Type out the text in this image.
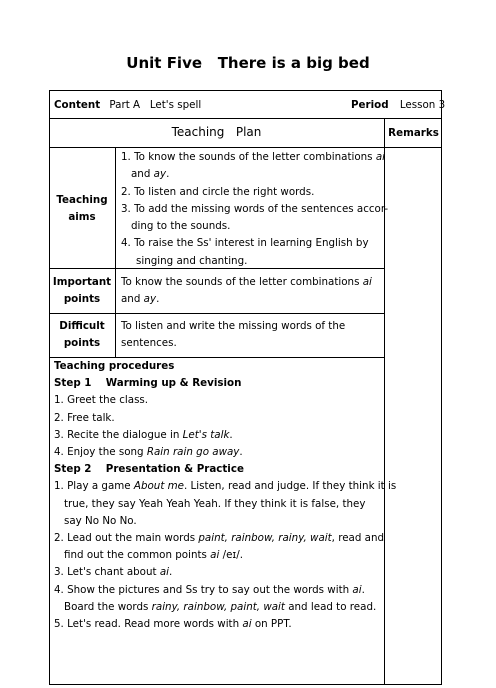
Unit Five   There is a big bed
Content Part A   Let's spell	Period Lesson 3
Teaching   Plan	Remarks
Teaching
aims
1. To know the sounds of the letter combinations ai
and ay.
2. To listen and circle the right words.
3. To add the missing words of the sentences accor-
ding to the sounds.
4. To raise the Ss' interest in learning English by
singing and chanting.
Important
points
To know the sounds of the letter combinations ai
and ay.
Difficult
points
To listen and write the missing words of the
sentences.
Teaching procedures
Step 1    Warming up & Revision
1. Greet the class.
2. Free talk.
3. Recite the dialogue in Let's talk.
4. Enjoy the song Rain rain go away.
Step 2    Presentation & Practice
1. Play a game About me. Listen, read and judge. If they think it is
true, they say Yeah Yeah Yeah. If they think it is false, they
say No No No.
2. Lead out the main words paint, rainbow, rainy, wait, read and
find out the common points ai /eɪ/.
3. Let's chant about ai.
4. Show the pictures and Ss try to say out the words with ai.
Board the words rainy, rainbow, paint, wait and lead to read.
5. Let's read. Read more words with ai on PPT.
